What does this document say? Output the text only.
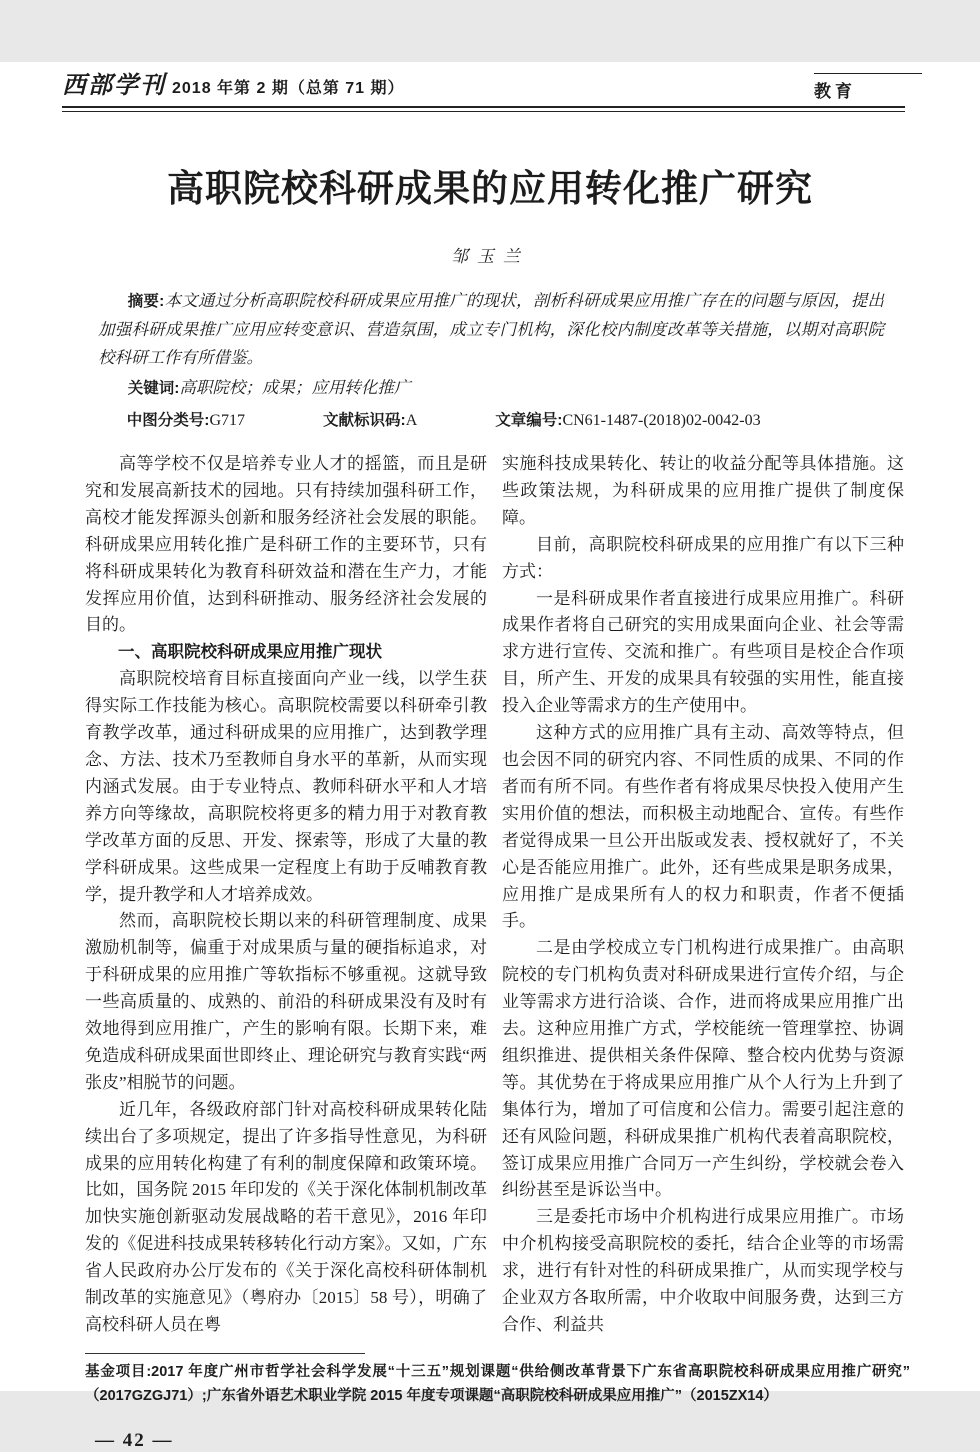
西部学刊 2018 年第 2 期（总第 71 期）	教育
高职院校科研成果的应用转化推广研究
邹玉兰
摘要:本文通过分析高职院校科研成果应用推广的现状，剖析科研成果应用推广存在的问题与原因，提出加强科研成果推广应用应转变意识、营造氛围，成立专门机构，深化校内制度改革等关措施，以期对高职院校科研工作有所借鉴。
关键词:高职院校；成果；应用转化推广
中图分类号:G717	文献标识码:A	文章编号:CN61-1487-(2018)02-0042-03

高等学校不仅是培养专业人才的摇篮，而且是研究和发展高新技术的园地。只有持续加强科研工作，高校才能发挥源头创新和服务经济社会发展的职能。科研成果应用转化推广是科研工作的主要环节，只有将科研成果转化为教育科研效益和潜在生产力，才能发挥应用价值，达到科研推动、服务经济社会发展的目的。

一、高职院校科研成果应用推广现状

高职院校培育目标直接面向产业一线，以学生获得实际工作技能为核心。高职院校需要以科研牵引教育教学改革，通过科研成果的应用推广，达到教学理念、方法、技术乃至教师自身水平的革新，从而实现内涵式发展。由于专业特点、教师科研水平和人才培养方向等缘故，高职院校将更多的精力用于对教育教学改革方面的反思、开发、探索等，形成了大量的教学科研成果。这些成果一定程度上有助于反哺教育教学，提升教学和人才培养成效。

然而，高职院校长期以来的科研管理制度、成果激励机制等，偏重于对成果质与量的硬指标追求，对于科研成果的应用推广等软指标不够重视。这就导致一些高质量的、成熟的、前沿的科研成果没有及时有效地得到应用推广，产生的影响有限。长期下来，难免造成科研成果面世即终止、理论研究与教育实践“两张皮”相脱节的问题。

近几年，各级政府部门针对高校科研成果转化陆续出台了多项规定，提出了许多指导性意见，为科研成果的应用转化构建了有利的制度保障和政策环境。比如，国务院 2015 年印发的《关于深化体制机制改革 加快实施创新驱动发展战略的若干意见》，2016 年印发的《促进科技成果转移转化行动方案》。又如，广东省人民政府办公厅发布的《关于深化高校科研体制机制改革的实施意见》（粤府办〔2015〕58 号），明确了高校科研人员在粤

实施科技成果转化、转让的收益分配等具体措施。这些政策法规，为科研成果的应用推广提供了制度保障。

目前，高职院校科研成果的应用推广有以下三种方式：

一是科研成果作者直接进行成果应用推广。科研成果作者将自己研究的实用成果面向企业、社会等需求方进行宣传、交流和推广。有些项目是校企合作项目，所产生、开发的成果具有较强的实用性，能直接投入企业等需求方的生产使用中。

这种方式的应用推广具有主动、高效等特点，但也会因不同的研究内容、不同性质的成果、不同的作者而有所不同。有些作者有将成果尽快投入使用产生实用价值的想法，而积极主动地配合、宣传。有些作者觉得成果一旦公开出版或发表、授权就好了，不关心是否能应用推广。此外，还有些成果是职务成果，应用推广是成果所有人的权力和职责，作者不便插手。

二是由学校成立专门机构进行成果推广。由高职院校的专门机构负责对科研成果进行宣传介绍，与企业等需求方进行洽谈、合作，进而将成果应用推广出去。这种应用推广方式，学校能统一管理掌控、协调组织推进、提供相关条件保障、整合校内优势与资源等。其优势在于将成果应用推广从个人行为上升到了集体行为，增加了可信度和公信力。需要引起注意的还有风险问题，科研成果推广机构代表着高职院校，签订成果应用推广合同万一产生纠纷，学校就会卷入纠纷甚至是诉讼当中。

三是委托市场中介机构进行成果应用推广。市场中介机构接受高职院校的委托，结合企业等的市场需求，进行有针对性的科研成果推广，从而实现学校与企业双方各取所需，中介收取中间服务费，达到三方合作、利益共

基金项目:2017 年度广州市哲学社会科学发展“十三五”规划课题“供给侧改革背景下广东省高职院校科研成果应用推广研究”（2017GZGJ71）;广东省外语艺术职业学院 2015 年度专项课题“高职院校科研成果应用推广”（2015ZX14）
— 42 —
